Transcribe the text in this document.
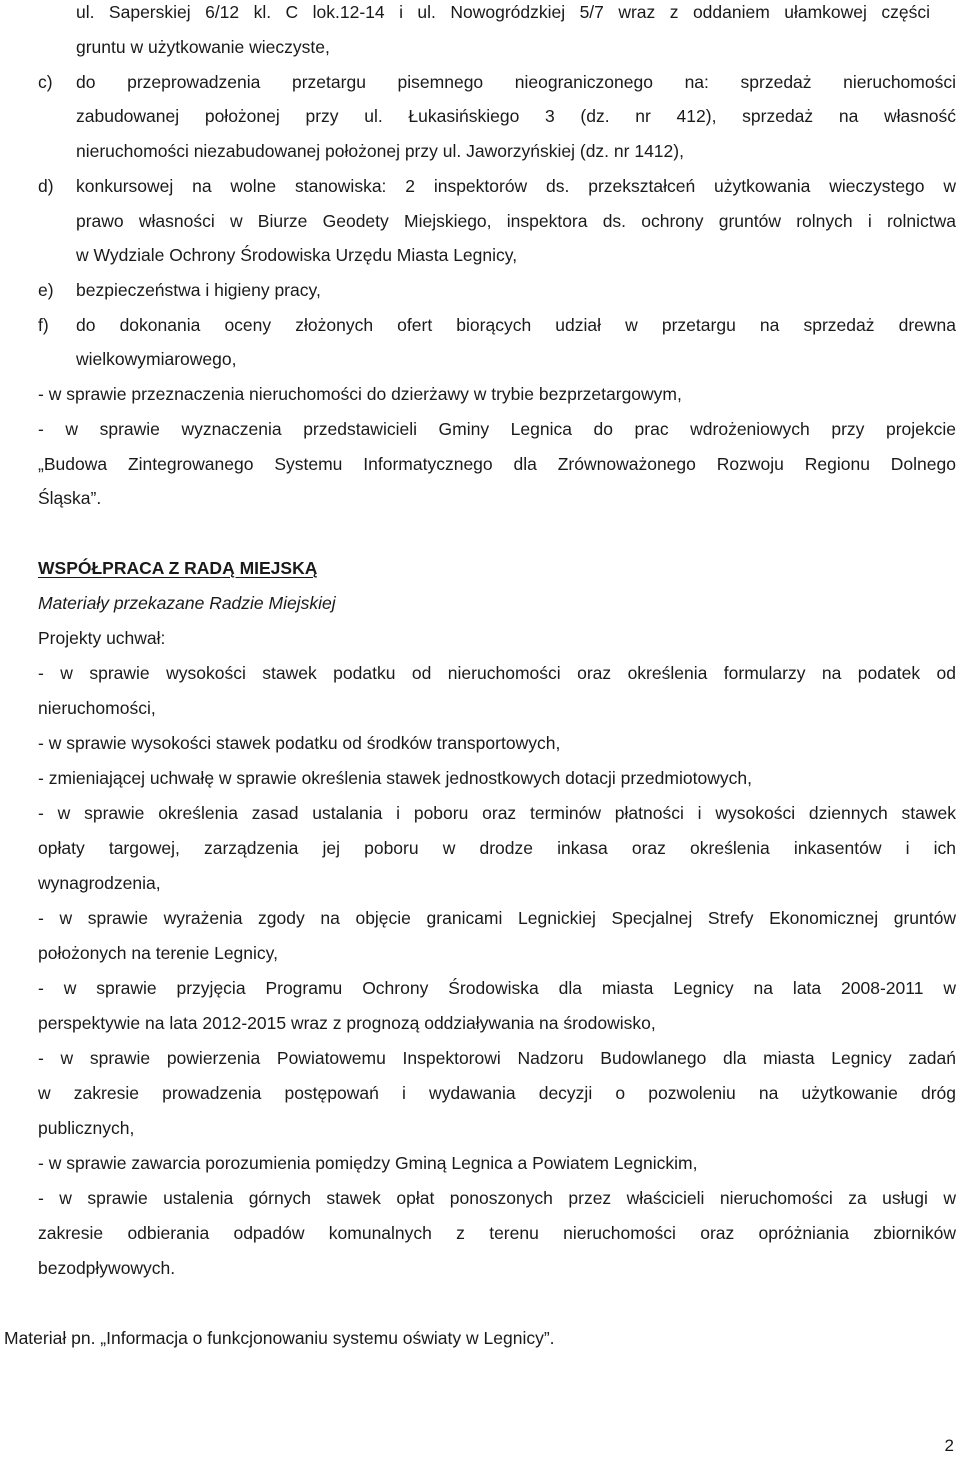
ul. Saperskiej 6/12 kl. C lok.12-14 i ul. Nowogródzkiej 5/7 wraz z oddaniem ułamkowej części
gruntu w użytkowanie wieczyste,
c) do przeprowadzenia przetargu pisemnego nieograniczonego na: sprzedaż nieruchomości
zabudowanej położonej przy ul. Łukasińskiego 3 (dz. nr 412), sprzedaż na własność
nieruchomości niezabudowanej położonej przy ul. Jaworzyńskiej (dz. nr 1412),
d) konkursowej na wolne stanowiska: 2 inspektorów ds. przekształceń użytkowania wieczystego w
prawo własności w Biurze Geodety Miejskiego, inspektora ds. ochrony gruntów rolnych i rolnictwa
w Wydziale Ochrony Środowiska Urzędu Miasta Legnicy,
e) bezpieczeństwa i higieny pracy,
f) do dokonania oceny złożonych ofert biorących udział w przetargu na sprzedaż drewna
wielkowymiarowego,
- w sprawie przeznaczenia nieruchomości do dzierżawy w trybie bezprzetargowym,
- w sprawie wyznaczenia przedstawicieli Gminy Legnica do prac wdrożeniowych przy projekcie
„Budowa Zintegrowanego Systemu Informatycznego dla Zrównoważonego Rozwoju Regionu Dolnego
Śląska”.
WSPÓŁPRACA Z RADĄ MIEJSKĄ
Materiały przekazane Radzie Miejskiej
Projekty uchwał:
- w sprawie wysokości stawek podatku od nieruchomości oraz określenia formularzy na podatek od
nieruchomości,
- w sprawie wysokości stawek podatku od środków transportowych,
- zmieniającej uchwałę w sprawie określenia stawek jednostkowych dotacji przedmiotowych,
- w sprawie określenia zasad ustalania i poboru oraz terminów płatności i wysokości dziennych stawek
opłaty targowej, zarządzenia jej poboru w drodze inkasa oraz określenia inkasentów i ich
wynagrodzenia,
- w sprawie wyrażenia zgody na objęcie granicami Legnickiej Specjalnej Strefy Ekonomicznej gruntów
położonych na terenie Legnicy,
- w sprawie przyjęcia Programu Ochrony Środowiska dla miasta Legnicy na lata 2008-2011 w
perspektywie na lata 2012-2015 wraz z prognozą oddziaływania na środowisko,
- w sprawie powierzenia Powiatowemu Inspektorowi Nadzoru Budowlanego dla miasta Legnicy zadań
w zakresie prowadzenia postępowań i wydawania decyzji o pozwoleniu na użytkowanie dróg
publicznych,
- w sprawie zawarcia porozumienia pomiędzy Gminą Legnica a Powiatem Legnickim,
- w sprawie ustalenia górnych stawek opłat ponoszonych przez właścicieli nieruchomości za usługi w
zakresie odbierania odpadów komunalnych z terenu nieruchomości oraz opróżniania zbiorników
bezodpływowych.
Materiał pn. „Informacja o funkcjonowaniu systemu oświaty w Legnicy”.
2
